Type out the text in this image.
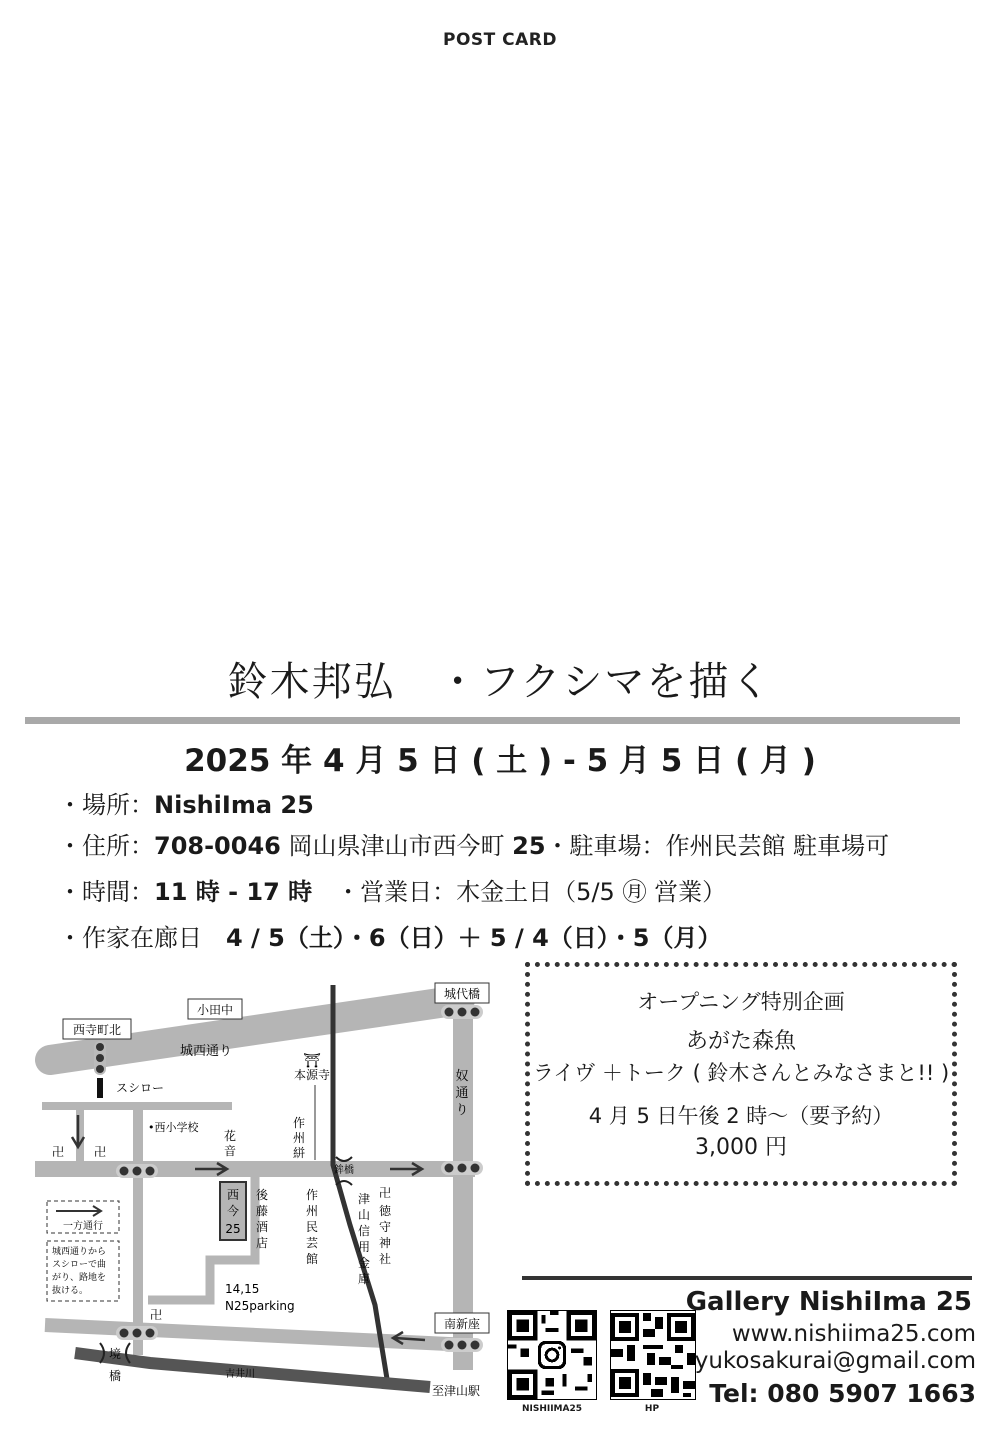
POST CARD
鈴木邦弘　・フクシマを描く
2025 年 4 月 5 日 ( 土 ) - 5 月 5 日 ( 月 )
・場所：NishiIma 25
・住所：708-0046 岡山県津山市西今町 25・駐車場：作州民芸館 駐車場可
・時間：11 時 - 17 時　・営業日：木金土日（5/5 ㊊ 営業）
・作家在廊日　4 / 5（土）・6（日）＋ 5 / 4（日）・5（月）
西寺町北
小田中
城代橋
南新座
城西通り
スシロー
⛩
本源寺	奴
通
り
•西小学校
花
音
作
州
絣
鉾橋
西
今
25
後
藤
酒
店
作
州
民
芸
館
津
山
信
用
金
庫
卍
徳
守
神
社
卍 卍
卍
一方通行
城西通りから
スシローで曲
がり、路地を
抜ける。	14,15
N25parking
境
橋	吉井川
至津山駅
オープニング特別企画
あがた森魚
ライヴ ＋トーク ( 鈴木さんとみなさまと!! )
4 月 5 日午後 2 時～（要予約）
3,000 円
NISHIIMA25	HP
Gallery NishiIma 25
www.nishiima25.com
yukosakurai@gmail.com
Tel: 080 5907 1663
